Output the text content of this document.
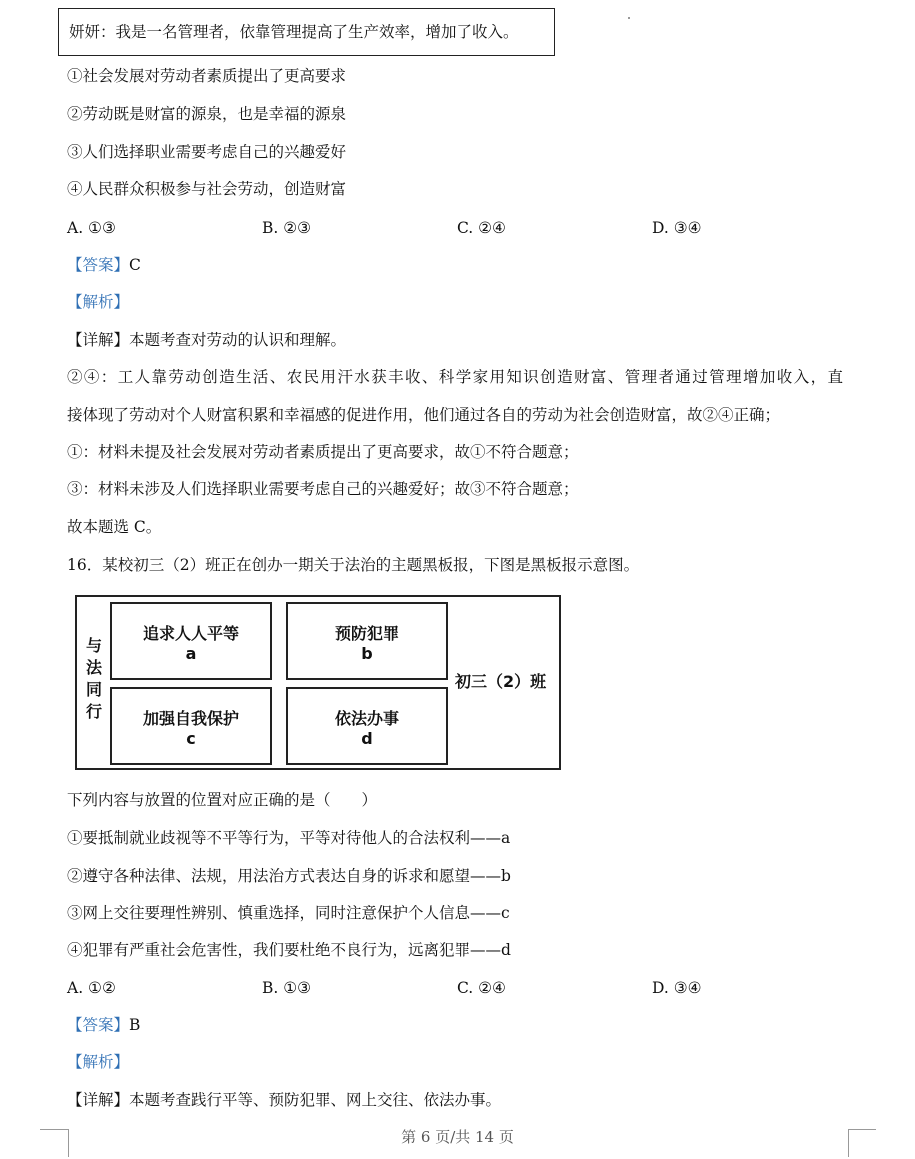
妍妍：我是一名管理者，依靠管理提高了生产效率，增加了收入。
①社会发展对劳动者素质提出了更高要求
②劳动既是财富的源泉，也是幸福的源泉
③人们选择职业需要考虑自己的兴趣爱好
④人民群众积极参与社会劳动，创造财富
A. ①③	B. ②③	C. ②④	D. ③④
【答案】C
【解析】
【详解】本题考查对劳动的认识和理解。
②④：工人靠劳动创造生活、农民用汗水获丰收、科学家用知识创造财富、管理者通过管理增加收入，直
接体现了劳动对个人财富积累和幸福感的促进作用，他们通过各自的劳动为社会创造财富，故②④正确；
①：材料未提及社会发展对劳动者素质提出了更高要求，故①不符合题意；
③：材料未涉及人们选择职业需要考虑自己的兴趣爱好；故③不符合题意；
故本题选 C。
16．某校初三（2）班正在创办一期关于法治的主题黑板报，下图是黑板报示意图。
与
法
同
行
追求人人平等
a
预防犯罪
b
加强自我保护
c
依法办事
d
初三（2）班
下列内容与放置的位置对应正确的是（　　）
①要抵制就业歧视等不平等行为，平等对待他人的合法权利——a
②遵守各种法律、法规，用法治方式表达自身的诉求和愿望——b
③网上交往要理性辨别、慎重选择，同时注意保护个人信息——c
④犯罪有严重社会危害性，我们要杜绝不良行为，远离犯罪——d
A. ①②	B. ①③	C. ②④	D. ③④
【答案】B
【解析】
【详解】本题考查践行平等、预防犯罪、网上交往、依法办事。
第 6 页/共 14 页
